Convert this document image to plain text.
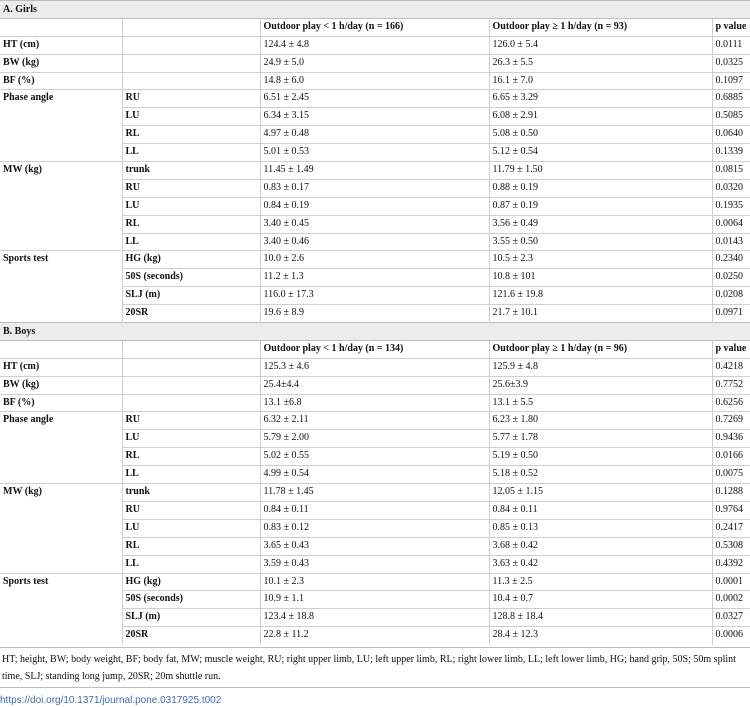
A. Girls				
		Outdoor play < 1 h/day (n = 166)	Outdoor play ≥ 1 h/day (n = 93)	p value
HT (cm)		124.4 ± 4.8	126.0 ± 5.4	0.0111
BW (kg)		24.9 ± 5.0	26.3 ± 5.5	0.0325
BF (%)		14.8 ± 6.0	16.1 ± 7.0	0.1097
Phase angle	RU	6.51 ± 2.45	6.65 ± 3.29	0.6885
	LU	6.34 ± 3.15	6.08 ± 2.91	0.5085
	RL	4.97 ± 0.48	5.08 ± 0.50	0.0640
	LL	5.01 ± 0.53	5.12 ± 0.54	0.1339
MW (kg)	trunk	11.45 ± 1.49	11.79 ± 1.50	0.0815
	RU	0.83 ± 0.17	0.88 ± 0.19	0.0320
	LU	0.84 ± 0.19	0.87 ± 0.19	0.1935
	RL	3.40 ± 0.45	3.56 ± 0.49	0.0064
	LL	3.40 ± 0.46	3.55 ± 0.50	0.0143
Sports test	HG (kg)	10.0 ± 2.6	10.5 ± 2.3	0.2340
	50S (seconds)	11.2 ± 1.3	10.8 ± 101	0.0250
	SLJ (m)	116.0 ± 17.3	121.6 ± 19.8	0.0208
	20SR	19.6 ± 8.9	21.7 ± 10.1	0.0971
B. Boys				
		Outdoor play < 1 h/day (n = 134)	Outdoor play ≥ 1 h/day (n = 96)	p value
HT (cm)		125.3 ± 4.6	125.9 ± 4.8	0.4218
BW (kg)		25.4±4.4	25.6±3.9	0.7752
BF (%)		13.1 ±6.8	13.1 ± 5.5	0.6256
Phase angle	RU	6.32 ± 2.11	6.23 ± 1.80	0.7269
	LU	5.79 ± 2.00	5.77 ± 1.78	0.9436
	RL	5.02 ± 0.55	5.19 ± 0.50	0.0166
	LL	4.99 ± 0.54	5.18 ± 0.52	0.0075
MW (kg)	trunk	11.78 ± 1.45	12.05 ± 1.15	0.1288
	RU	0.84 ± 0.11	0.84 ± 0.11	0.9764
	LU	0.83 ± 0.12	0.85 ± 0.13	0.2417
	RL	3.65 ± 0.43	3.68 ± 0.42	0.5308
	LL	3.59 ± 0.43	3.63 ± 0.42	0.4392
Sports test	HG (kg)	10.1 ± 2.3	11.3 ± 2.5	0.0001
	50S (seconds)	10.9 ± 1.1	10.4 ± 0.7	0.0002
	SLJ (m)	123.4 ± 18.8	128.8 ± 18.4	0.0327
	20SR	22.8 ± 11.2	28.4 ± 12.3	0.0006
HT; height, BW; body weight, BF; body fat, MW; muscle weight, RU; right upper limb, LU; left upper limb, RL; right lower limb, LL; left lower limb, HG; hand grip, 50S; 50m splint time, SLJ; standing long jump, 20SR; 20m shuttle run.
https://doi.org/10.1371/journal.pone.0317925.t002
